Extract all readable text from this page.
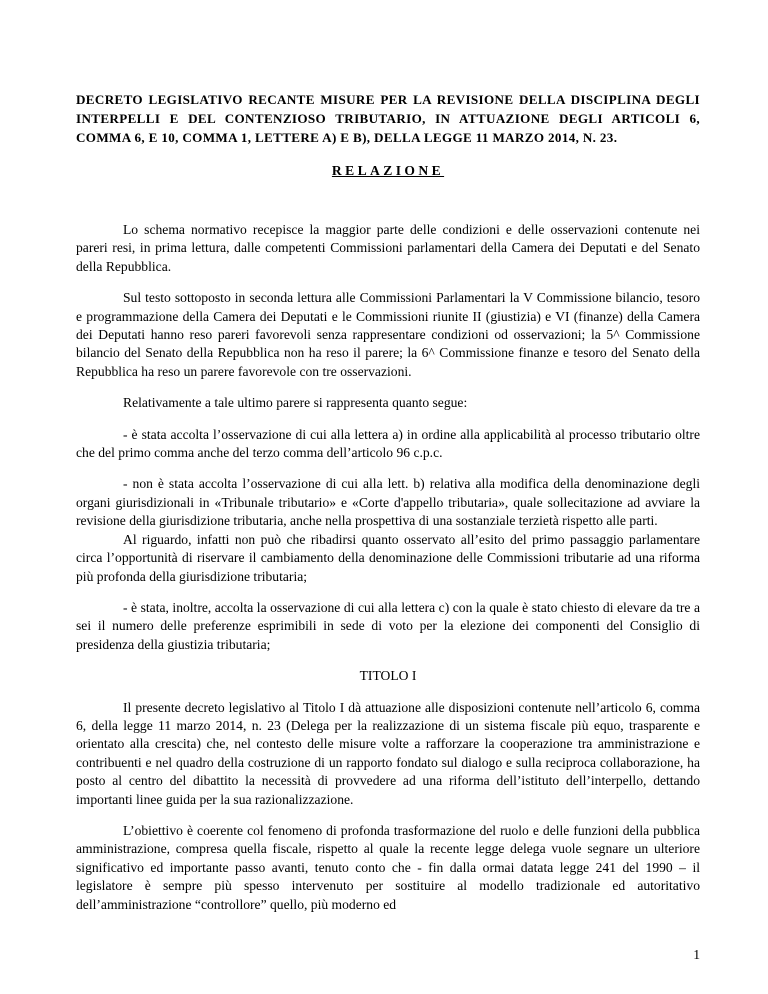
DECRETO LEGISLATIVO RECANTE MISURE PER LA REVISIONE DELLA DISCIPLINA DEGLI INTERPELLI E DEL CONTENZIOSO TRIBUTARIO, IN ATTUAZIONE DEGLI ARTICOLI 6, COMMA 6, E 10, COMMA 1, LETTERE A) E B), DELLA LEGGE 11 MARZO 2014, N. 23.

RELAZIONE

Lo schema normativo recepisce la maggior parte delle condizioni e delle osservazioni contenute nei pareri resi, in prima lettura, dalle competenti Commissioni parlamentari della Camera dei Deputati e del Senato della Repubblica.

Sul testo sottoposto in seconda lettura alle Commissioni Parlamentari la V Commissione bilancio, tesoro e programmazione della Camera dei Deputati e le Commissioni riunite II (giustizia) e VI (finanze) della Camera dei Deputati hanno reso pareri favorevoli senza rappresentare condizioni od osservazioni; la 5^ Commissione bilancio del Senato della Repubblica non ha reso il parere; la 6^ Commissione finanze e tesoro del Senato della Repubblica ha reso un parere favorevole con tre osservazioni.

Relativamente a tale ultimo parere si rappresenta quanto segue:

- è stata accolta l’osservazione di cui alla lettera a) in ordine alla applicabilità al processo tributario oltre che del primo comma anche del terzo comma dell’articolo 96 c.p.c.

- non è stata accolta l’osservazione di cui alla lett. b) relativa alla modifica della denominazione degli organi giurisdizionali in «Tribunale tributario» e «Corte d'appello tributaria», quale sollecitazione ad avviare la revisione della giurisdizione tributaria, anche nella prospettiva di una sostanziale terzietà rispetto alle parti.

Al riguardo, infatti non può che ribadirsi quanto osservato all’esito del primo passaggio parlamentare circa l’opportunità di riservare il cambiamento della denominazione delle Commissioni tributarie ad una riforma più profonda della giurisdizione tributaria;

- è stata, inoltre, accolta la osservazione di cui alla lettera c) con la quale è stato chiesto di elevare da tre a sei il numero delle preferenze esprimibili in sede di voto per la elezione dei componenti del Consiglio di presidenza della giustizia tributaria;

TITOLO I

Il presente decreto legislativo al Titolo I dà attuazione alle disposizioni contenute nell’articolo 6, comma 6, della legge 11 marzo 2014, n. 23 (Delega per la realizzazione di un sistema fiscale più equo, trasparente e orientato alla crescita) che, nel contesto delle misure volte a rafforzare la cooperazione tra amministrazione e contribuenti e nel quadro della costruzione di un rapporto fondato sul dialogo e sulla reciproca collaborazione, ha posto al centro del dibattito la necessità di provvedere ad una riforma dell’istituto dell’interpello, dettando importanti linee guida per la sua razionalizzazione.

L’obiettivo è coerente col fenomeno di profonda trasformazione del ruolo e delle funzioni della pubblica amministrazione, compresa quella fiscale, rispetto al quale la recente legge delega vuole segnare un ulteriore significativo ed importante passo avanti, tenuto conto che - fin dalla ormai datata legge 241 del 1990 – il legislatore è sempre più spesso intervenuto per sostituire al modello tradizionale ed autoritativo dell’amministrazione “controllore” quello, più moderno ed

1
